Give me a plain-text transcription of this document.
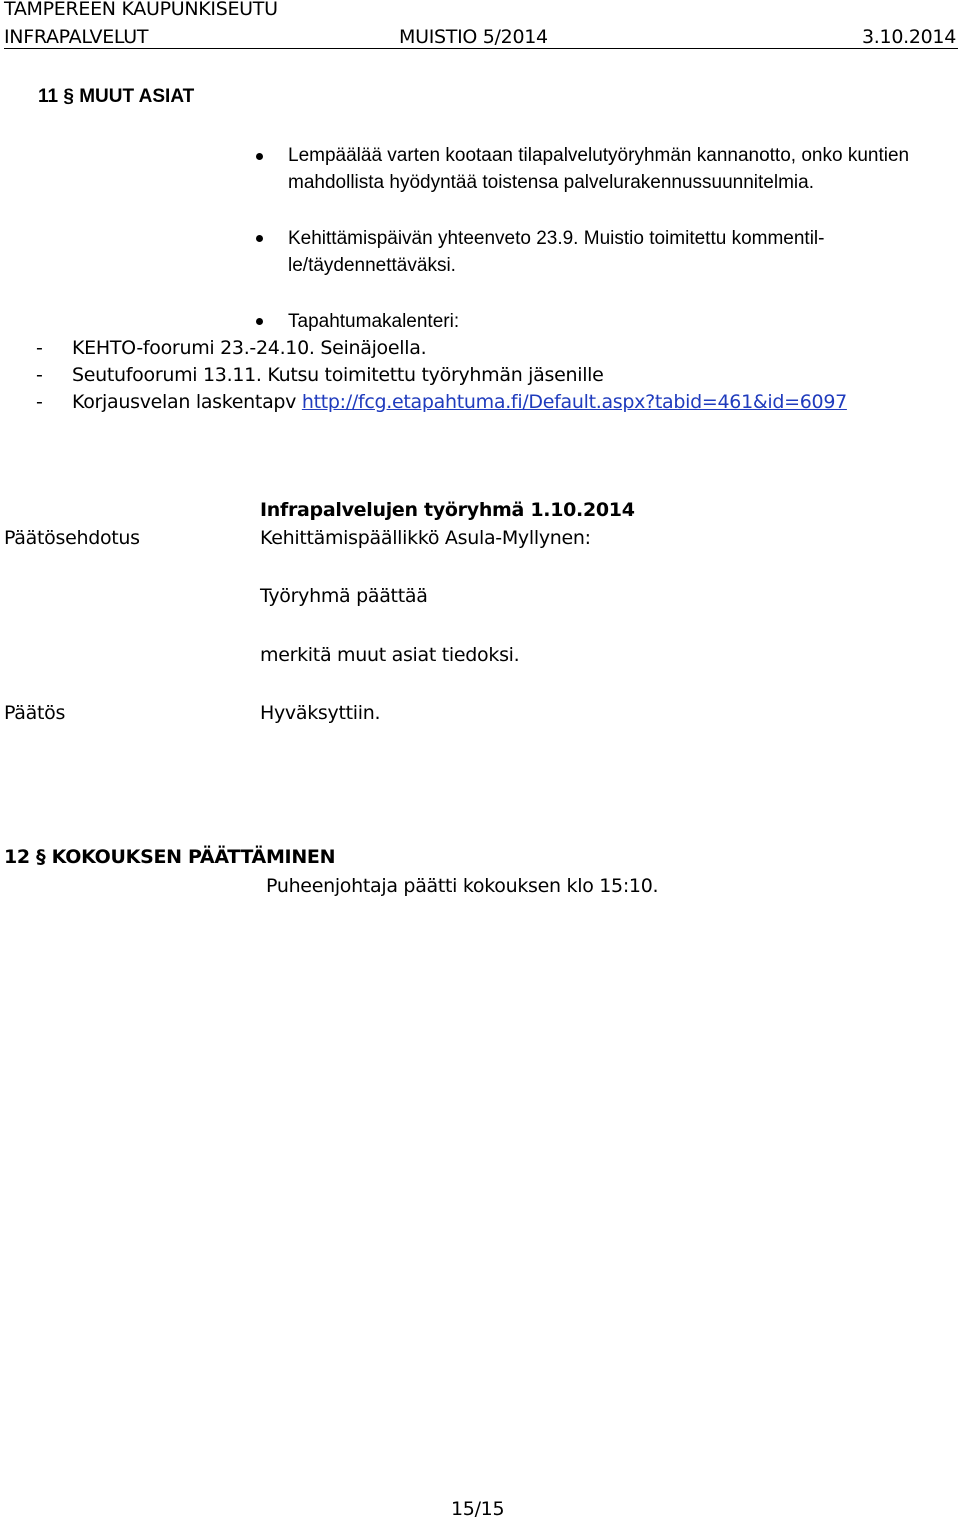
TAMPEREEN KAUPUNKISEUTU
INFRAPALVELUT	MUISTIO 5/2014	3.10.2014
11 § MUUT ASIAT
Lempäälää varten kootaan tilapalvelutyöryhmän kannanotto, onko kuntien
mahdollista hyödyntää toistensa palvelurakennussuunnitelmia.
Kehittämispäivän yhteenveto 23.9. Muistio toimitettu kommentil-
le/täydennettäväksi.
Tapahtumakalenteri:
- KEHTO-foorumi 23.-24.10. Seinäjoella.
- Seutufoorumi 13.11. Kutsu toimitettu työryhmän jäsenille
- Korjausvelan laskentapv http://fcg.etapahtuma.fi/Default.aspx?tabid=461&id=6097
Infrapalvelujen työryhmä 1.10.2014
Päätösehdotus	Kehittämispäällikkö Asula-Myllynen:
Työryhmä päättää
merkitä muut asiat tiedoksi.
Päätös	Hyväksyttiin.
12 § KOKOUKSEN PÄÄTTÄMINEN
Puheenjohtaja päätti kokouksen klo 15:10.
15/15
